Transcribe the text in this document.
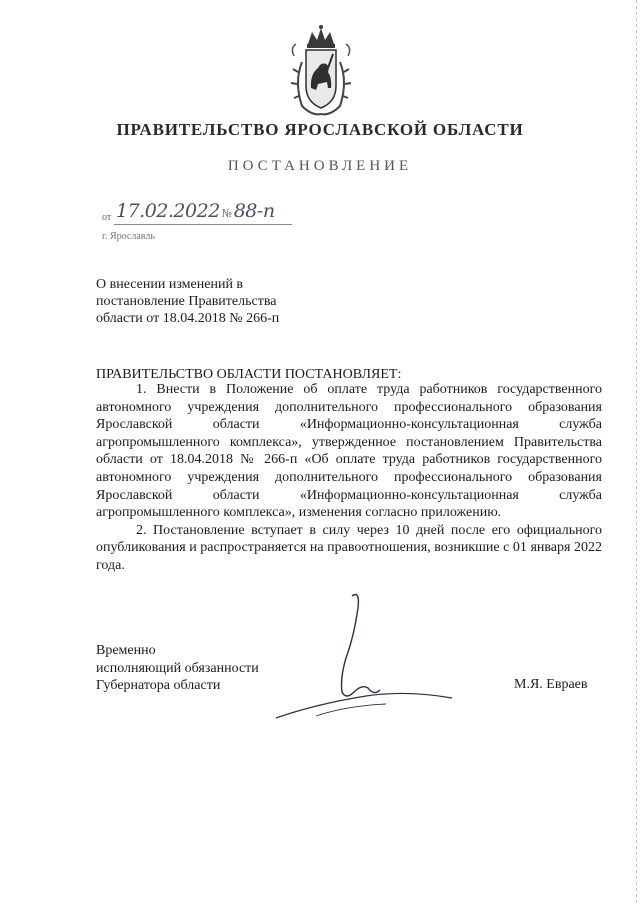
ПРАВИТЕЛЬСТВО ЯРОСЛАВСКОЙ ОБЛАСТИ
ПОСТАНОВЛЕНИЕ
от 17.02.2022 № 88-п
г. Ярославль
О внесении изменений в
постановление Правительства
области от 18.04.2018 № 266-п
ПРАВИТЕЛЬСТВО ОБЛАСТИ ПОСТАНОВЛЯЕТ:

1. Внести в Положение об оплате труда работников государственного автономного учреждения дополнительного профессионального образования Ярославской области «Информационно-консультационная служба агропромышленного комплекса», утвержденное постановлением Правительства области от 18.04.2018 № 266-п «Об оплате труда работников государственного автономного учреждения дополнительного профессионального образования Ярославской области «Информационно-консультационная служба агропромышленного комплекса», изменения согласно приложению.

2. Постановление вступает в силу через 10 дней после его официального опубликования и распространяется на правоотношения, возникшие с 01 января 2022 года.

Временно
исполняющий обязанности
Губернатора области	М.Я. Евраев
